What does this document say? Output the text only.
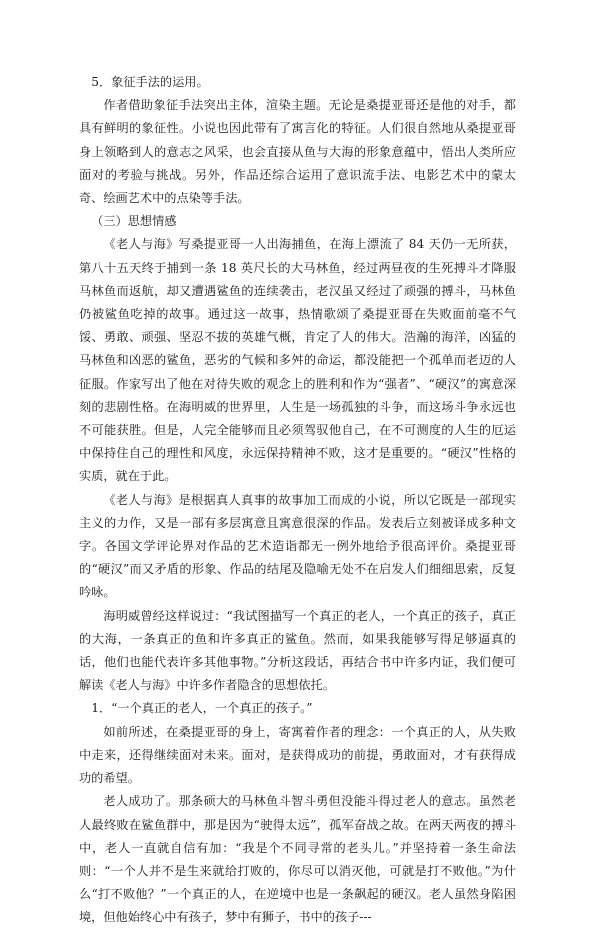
5．象征手法的运用。

作者借助象征手法突出主体，渲染主题。无论是桑提亚哥还是他的对手，都具有鲜明的象征性。小说也因此带有了寓言化的特征。人们很自然地从桑提亚哥身上领略到人的意志之风采，也会直接从鱼与大海的形象意蕴中，悟出人类所应面对的考验与挑战。另外，作品还综合运用了意识流手法、电影艺术中的蒙太奇、绘画艺术中的点染等手法。

（三）思想情感

《老人与海》写桑提亚哥一人出海捕鱼，在海上漂流了 84 天仍一无所获，第八十五天终于捕到一条 18 英尺长的大马林鱼，经过两昼夜的生死搏斗才降服马林鱼而返航，却又遭遇鲨鱼的连续袭击，老汉虽又经过了顽强的搏斗，马林鱼仍被鲨鱼吃掉的故事。通过这一故事，热情歌颂了桑提亚哥在失败面前毫不气馁、勇敢、顽强、坚忍不拔的英雄气概，肯定了人的伟大。浩瀚的海洋，凶猛的马林鱼和凶恶的鲨鱼，恶劣的气候和多舛的命运，都没能把一个孤单而老迈的人征服。作家写出了他在对待失败的观念上的胜利和作为“强者”、“硬汉”的寓意深刻的悲剧性格。在海明威的世界里，人生是一场孤独的斗争，而这场斗争永远也不可能获胜。但是，人完全能够而且必须驾驭他自己，在不可测度的人生的厄运中保持住自己的理性和风度，永远保持精神不败，这才是重要的。“硬汉”性格的实质，就在于此。

《老人与海》是根据真人真事的故事加工而成的小说，所以它既是一部现实主义的力作，又是一部有多层寓意且寓意很深的作品。发表后立刻被译成多种文字。各国文学评论界对作品的艺术造诣都无一例外地给予很高评价。桑提亚哥的“硬汉”而又矛盾的形象、作品的结尾及隐喻无处不在启发人们细细思索，反复吟咏。

海明威曾经这样说过：“我试图描写一个真正的老人，一个真正的孩子，真正的大海，一条真正的鱼和许多真正的鲨鱼。然而，如果我能够写得足够逼真的话，他们也能代表许多其他事物。”分析这段话，再结合书中许多内证，我们便可解读《老人与海》中许多作者隐含的思想依托。

1．“一个真正的老人，一个真正的孩子。”

如前所述，在桑提亚哥的身上，寄寓着作者的理念：一个真正的人，从失败中走来，还得继续面对未来。面对，是获得成功的前提，勇敢面对，才有获得成功的希望。

老人成功了。那条硕大的马林鱼斗智斗勇但没能斗得过老人的意志。虽然老人最终败在鲨鱼群中，那是因为“驶得太远”，孤军奋战之故。在两天两夜的搏斗中，老人一直就自信有加：“我是个不同寻常的老头儿。”并坚持着一条生命法则：“一个人并不是生来就给打败的，你尽可以消灭他，可就是打不败他。”为什么“打不败他？”一个真正的人，在逆境中也是一条飙起的硬汉。老人虽然身陷困境，但他始终心中有孩子，梦中有狮子，书中的孩子---
